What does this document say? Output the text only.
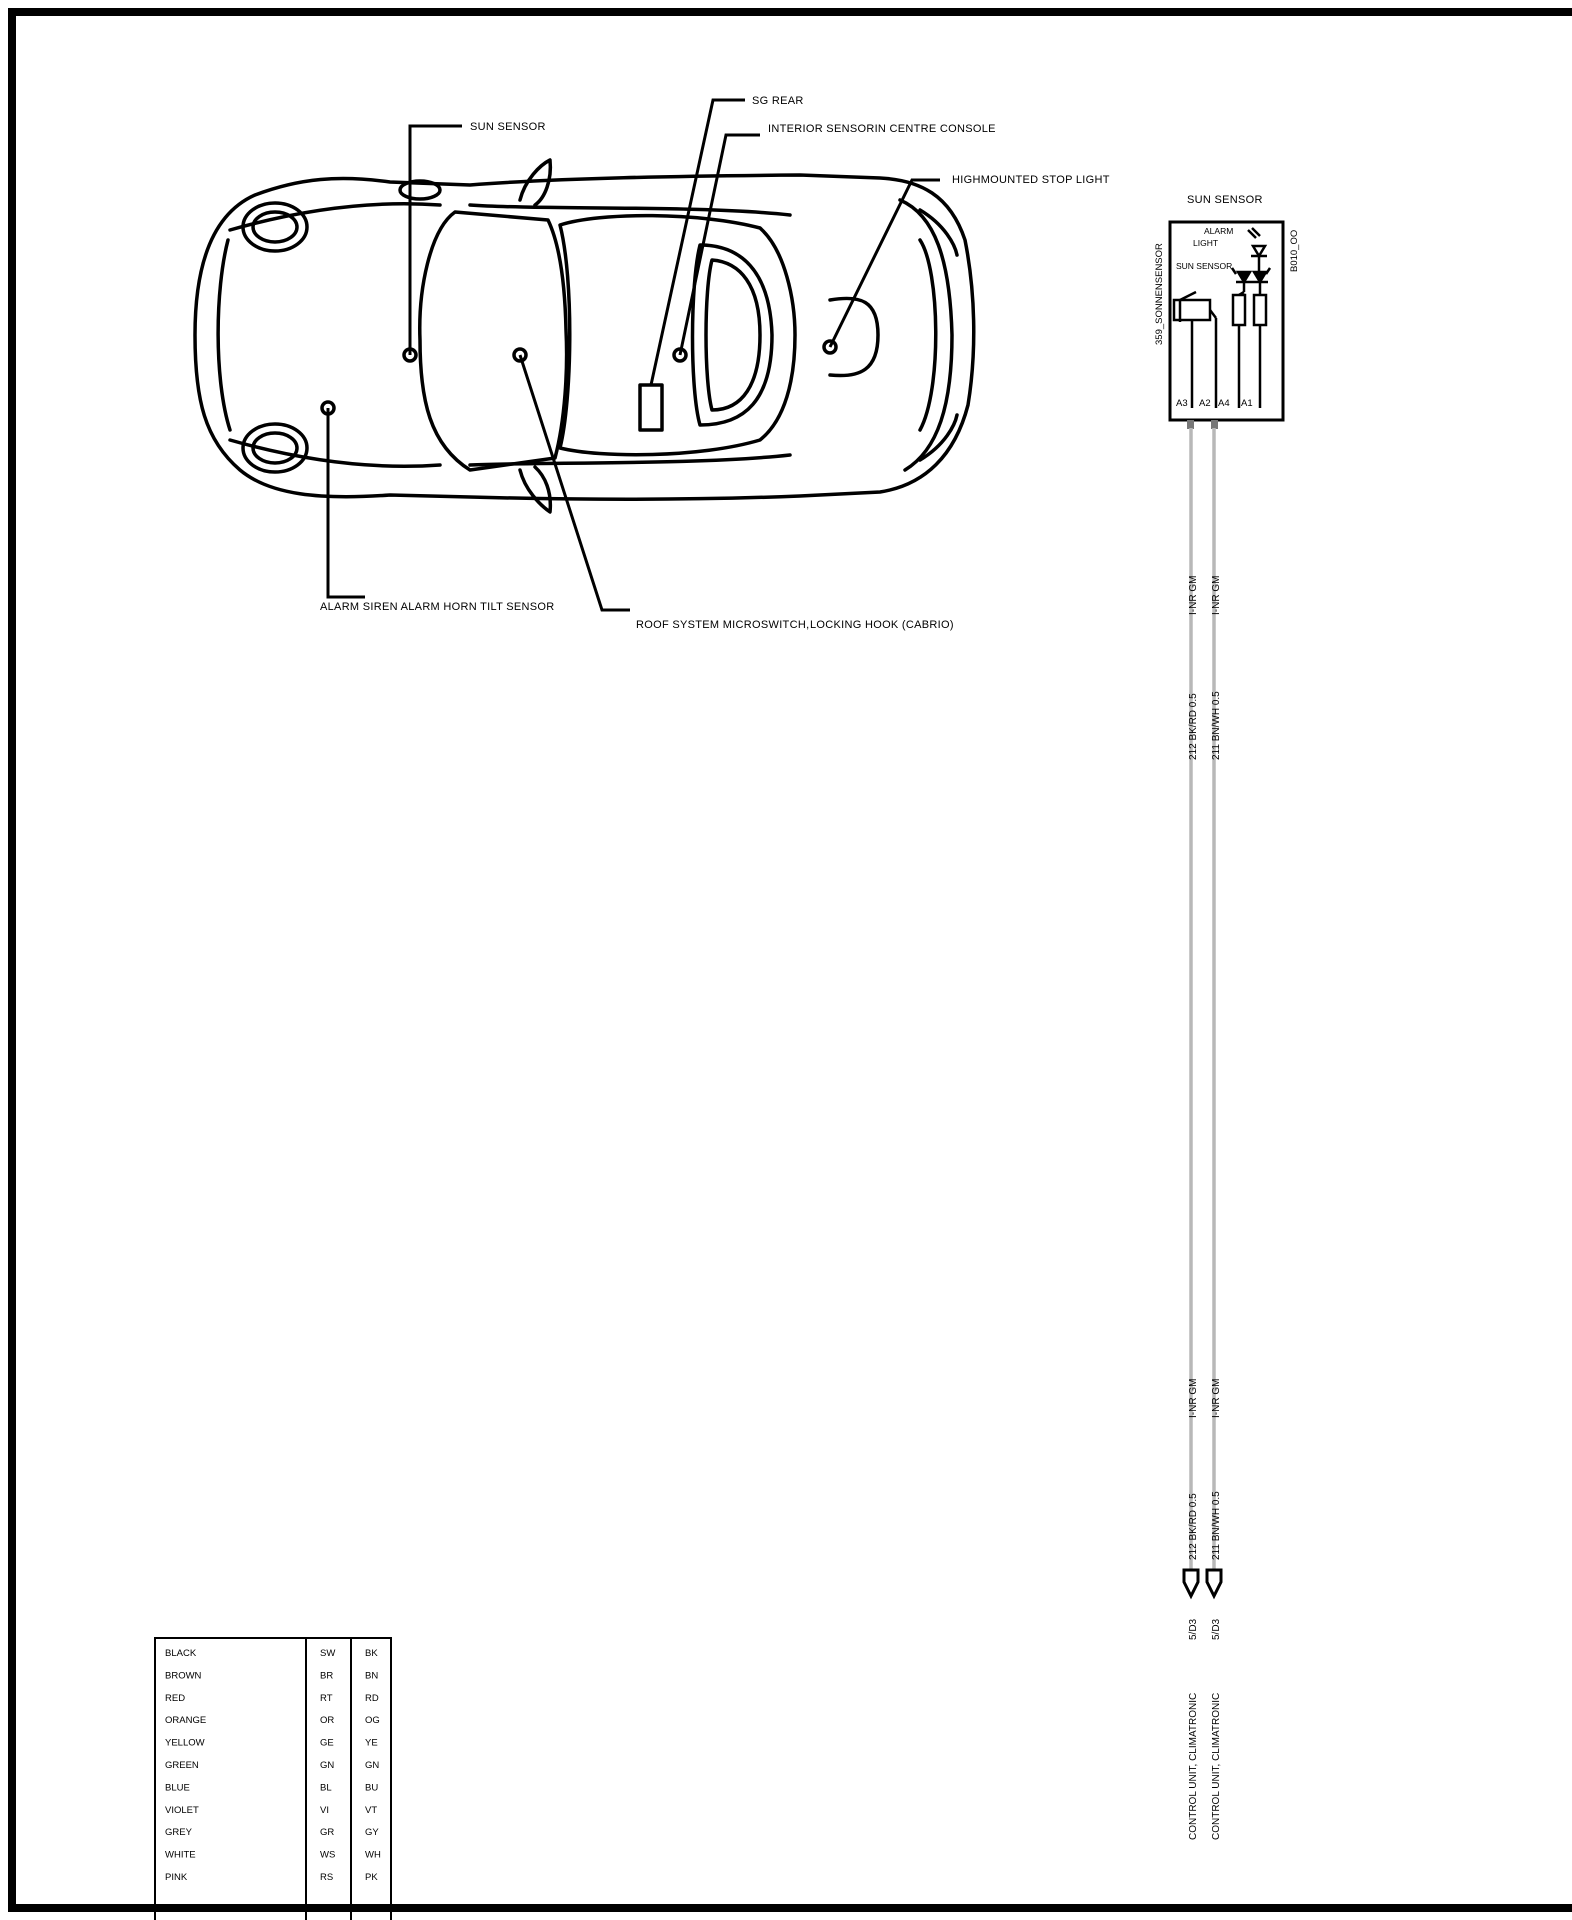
SUN SENSOR
SG REAR
INTERIOR SENSORIN CENTRE CONSOLE
HIGHMOUNTED STOP LIGHT
ALARM SIREN ALARM HORN TILT SENSOR
ROOF SYSTEM MICROSWITCH, LOCKING HOOK (CABRIO)
SUN SENSOR
359_SONNENSENSOR	B010_OO
ALARM
LIGHT
SUN SENSOR
A3 A2 A4 A1
I-NR GM
212 BK/RD 0.5
I-NR GM
212 BK/RD 0.5
5/D3
CONTROL UNIT, CLIMATRONIC
I-NR GM
211 BN/WH 0.5
I-NR GM
211 BN/WH 0.5
5/D3
CONTROL UNIT, CLIMATRONIC
BLACK	SW	BK
BROWN	BR	BN
RED	RT	RD
ORANGE	OR	OG
YELLOW	GE	YE
GREEN	GN	GN
BLUE	BL	BU
VIOLET	VI	VT
GREY	GR	GY
WHITE	WS	WH
PINK	RS	PK
